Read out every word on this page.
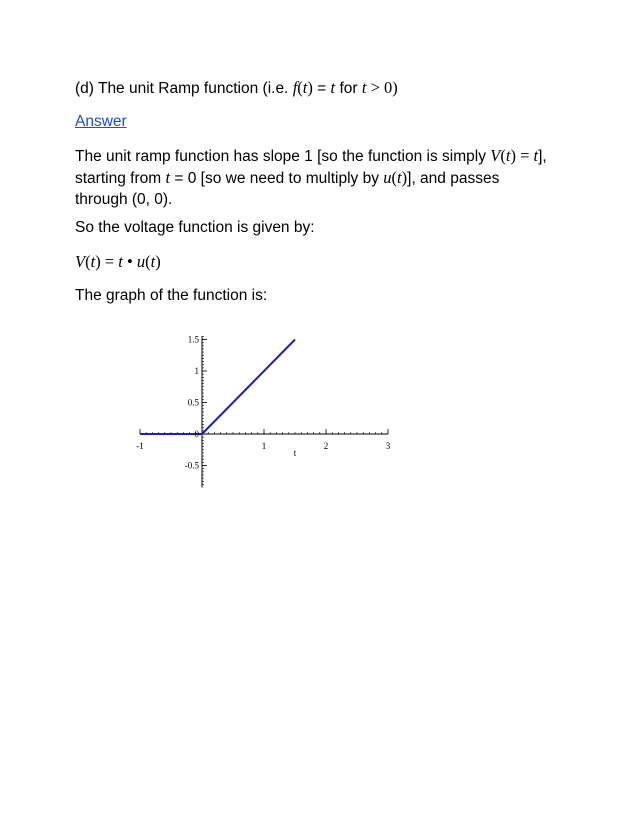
(d) The unit Ramp function (i.e. f(t) = t for t > 0)

Answer

The unit ramp function has slope 1 [so the function is simply V(t) = t],
starting from t = 0 [so we need to multiply by u(t)], and passes
through (0, 0).

So the voltage function is given by:

V(t) = t • u(t)

The graph of the function is:

-1	1	2	3
-0.5
0
0.5
1
1.5
t
